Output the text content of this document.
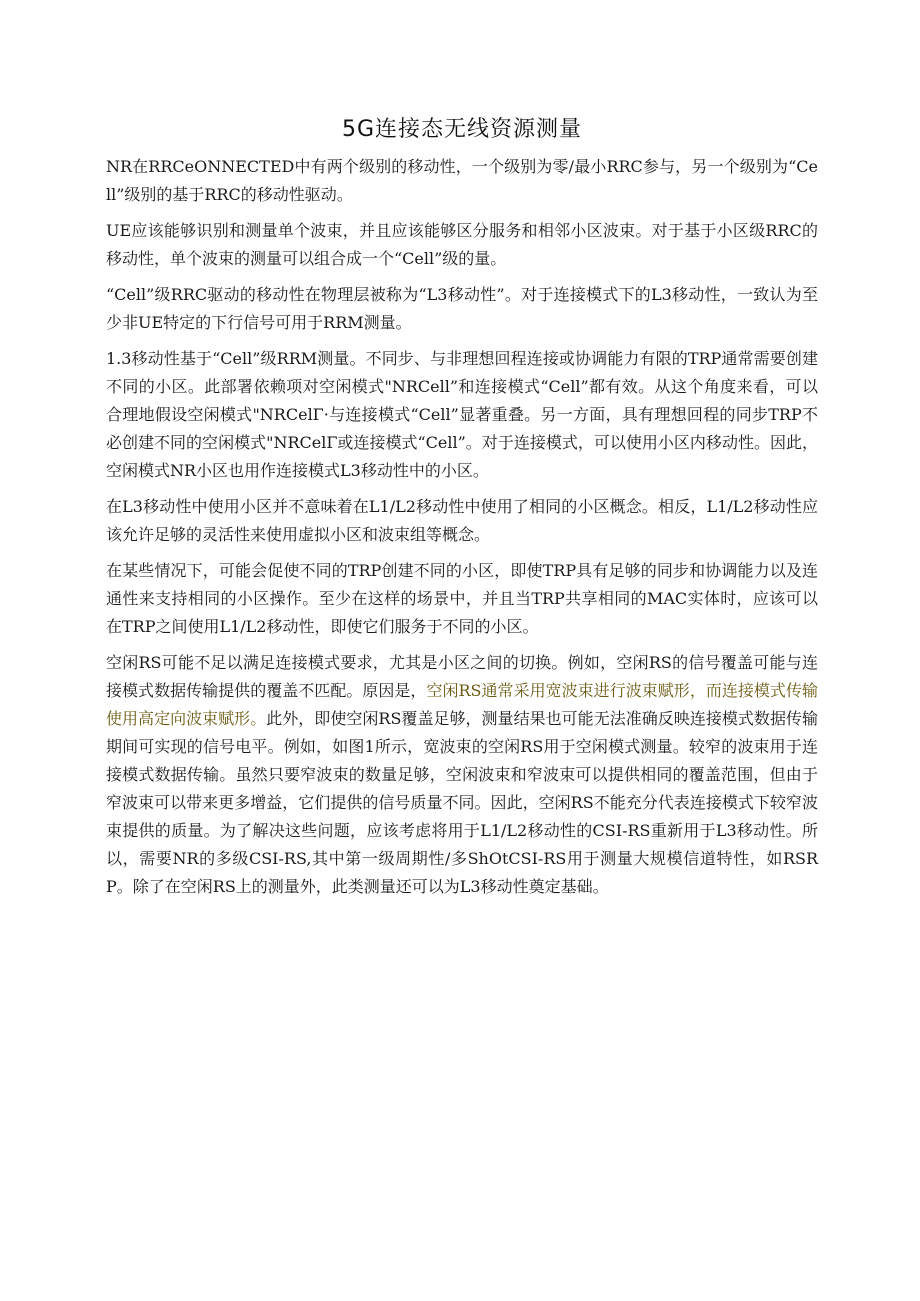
5G连接态无线资源测量

NR在RRCeONNECTED中有两个级别的移动性，一个级别为零/最小RRC参与，另一个级别为“Cell”级别的基于RRC的移动性驱动。

UE应该能够识别和测量单个波束，并且应该能够区分服务和相邻小区波束。对于基于小区级RRC的移动性，单个波束的测量可以组合成一个“Cell”级的量。

“Cell”级RRC驱动的移动性在物理层被称为“L3移动性”。对于连接模式下的L3移动性，一致认为至少非UE特定的下行信号可用于RRM测量。

1.3移动性基于“Cell”级RRM测量。不同步、与非理想回程连接或协调能力有限的TRP通常需要创建不同的小区。此部署依赖项对空闲模式"NRCell”和连接模式“Cell”都有效。从这个角度来看，可以合理地假设空闲模式"NRCelΓ·与连接模式“Cell”显著重叠。另一方面，具有理想回程的同步TRP不必创建不同的空闲模式"NRCelΓ或连接模式“Cell”。对于连接模式，可以使用小区内移动性。因此，空闲模式NR小区也用作连接模式L3移动性中的小区。

在L3移动性中使用小区并不意味着在L1/L2移动性中使用了相同的小区概念。相反，L1/L2移动性应该允许足够的灵活性来使用虚拟小区和波束组等概念。

在某些情况下，可能会促使不同的TRP创建不同的小区，即使TRP具有足够的同步和协调能力以及连通性来支持相同的小区操作。至少在这样的场景中，并且当TRP共享相同的MAC实体时，应该可以在TRP之间使用L1/L2移动性，即使它们服务于不同的小区。

空闲RS可能不足以满足连接模式要求，尤其是小区之间的切换。例如，空闲RS的信号覆盖可能与连接模式数据传输提供的覆盖不匹配。原因是，空闲RS通常采用宽波束进行波束赋形，而连接模式传输使用高定向波束赋形。此外，即使空闲RS覆盖足够，测量结果也可能无法准确反映连接模式数据传输期间可实现的信号电平。例如，如图1所示，宽波束的空闲RS用于空闲模式测量。较窄的波束用于连接模式数据传输。虽然只要窄波束的数量足够，空闲波束和窄波束可以提供相同的覆盖范围，但由于窄波束可以带来更多增益，它们提供的信号质量不同。因此，空闲RS不能充分代表连接模式下较窄波束提供的质量。为了解决这些问题，应该考虑将用于L1/L2移动性的CSI-RS重新用于L3移动性。所以，需要NR的多级CSI-RS,其中第一级周期性/多ShOtCSI-RS用于测量大规模信道特性，如RSRP。除了在空闲RS上的测量外，此类测量还可以为L3移动性奠定基础。
